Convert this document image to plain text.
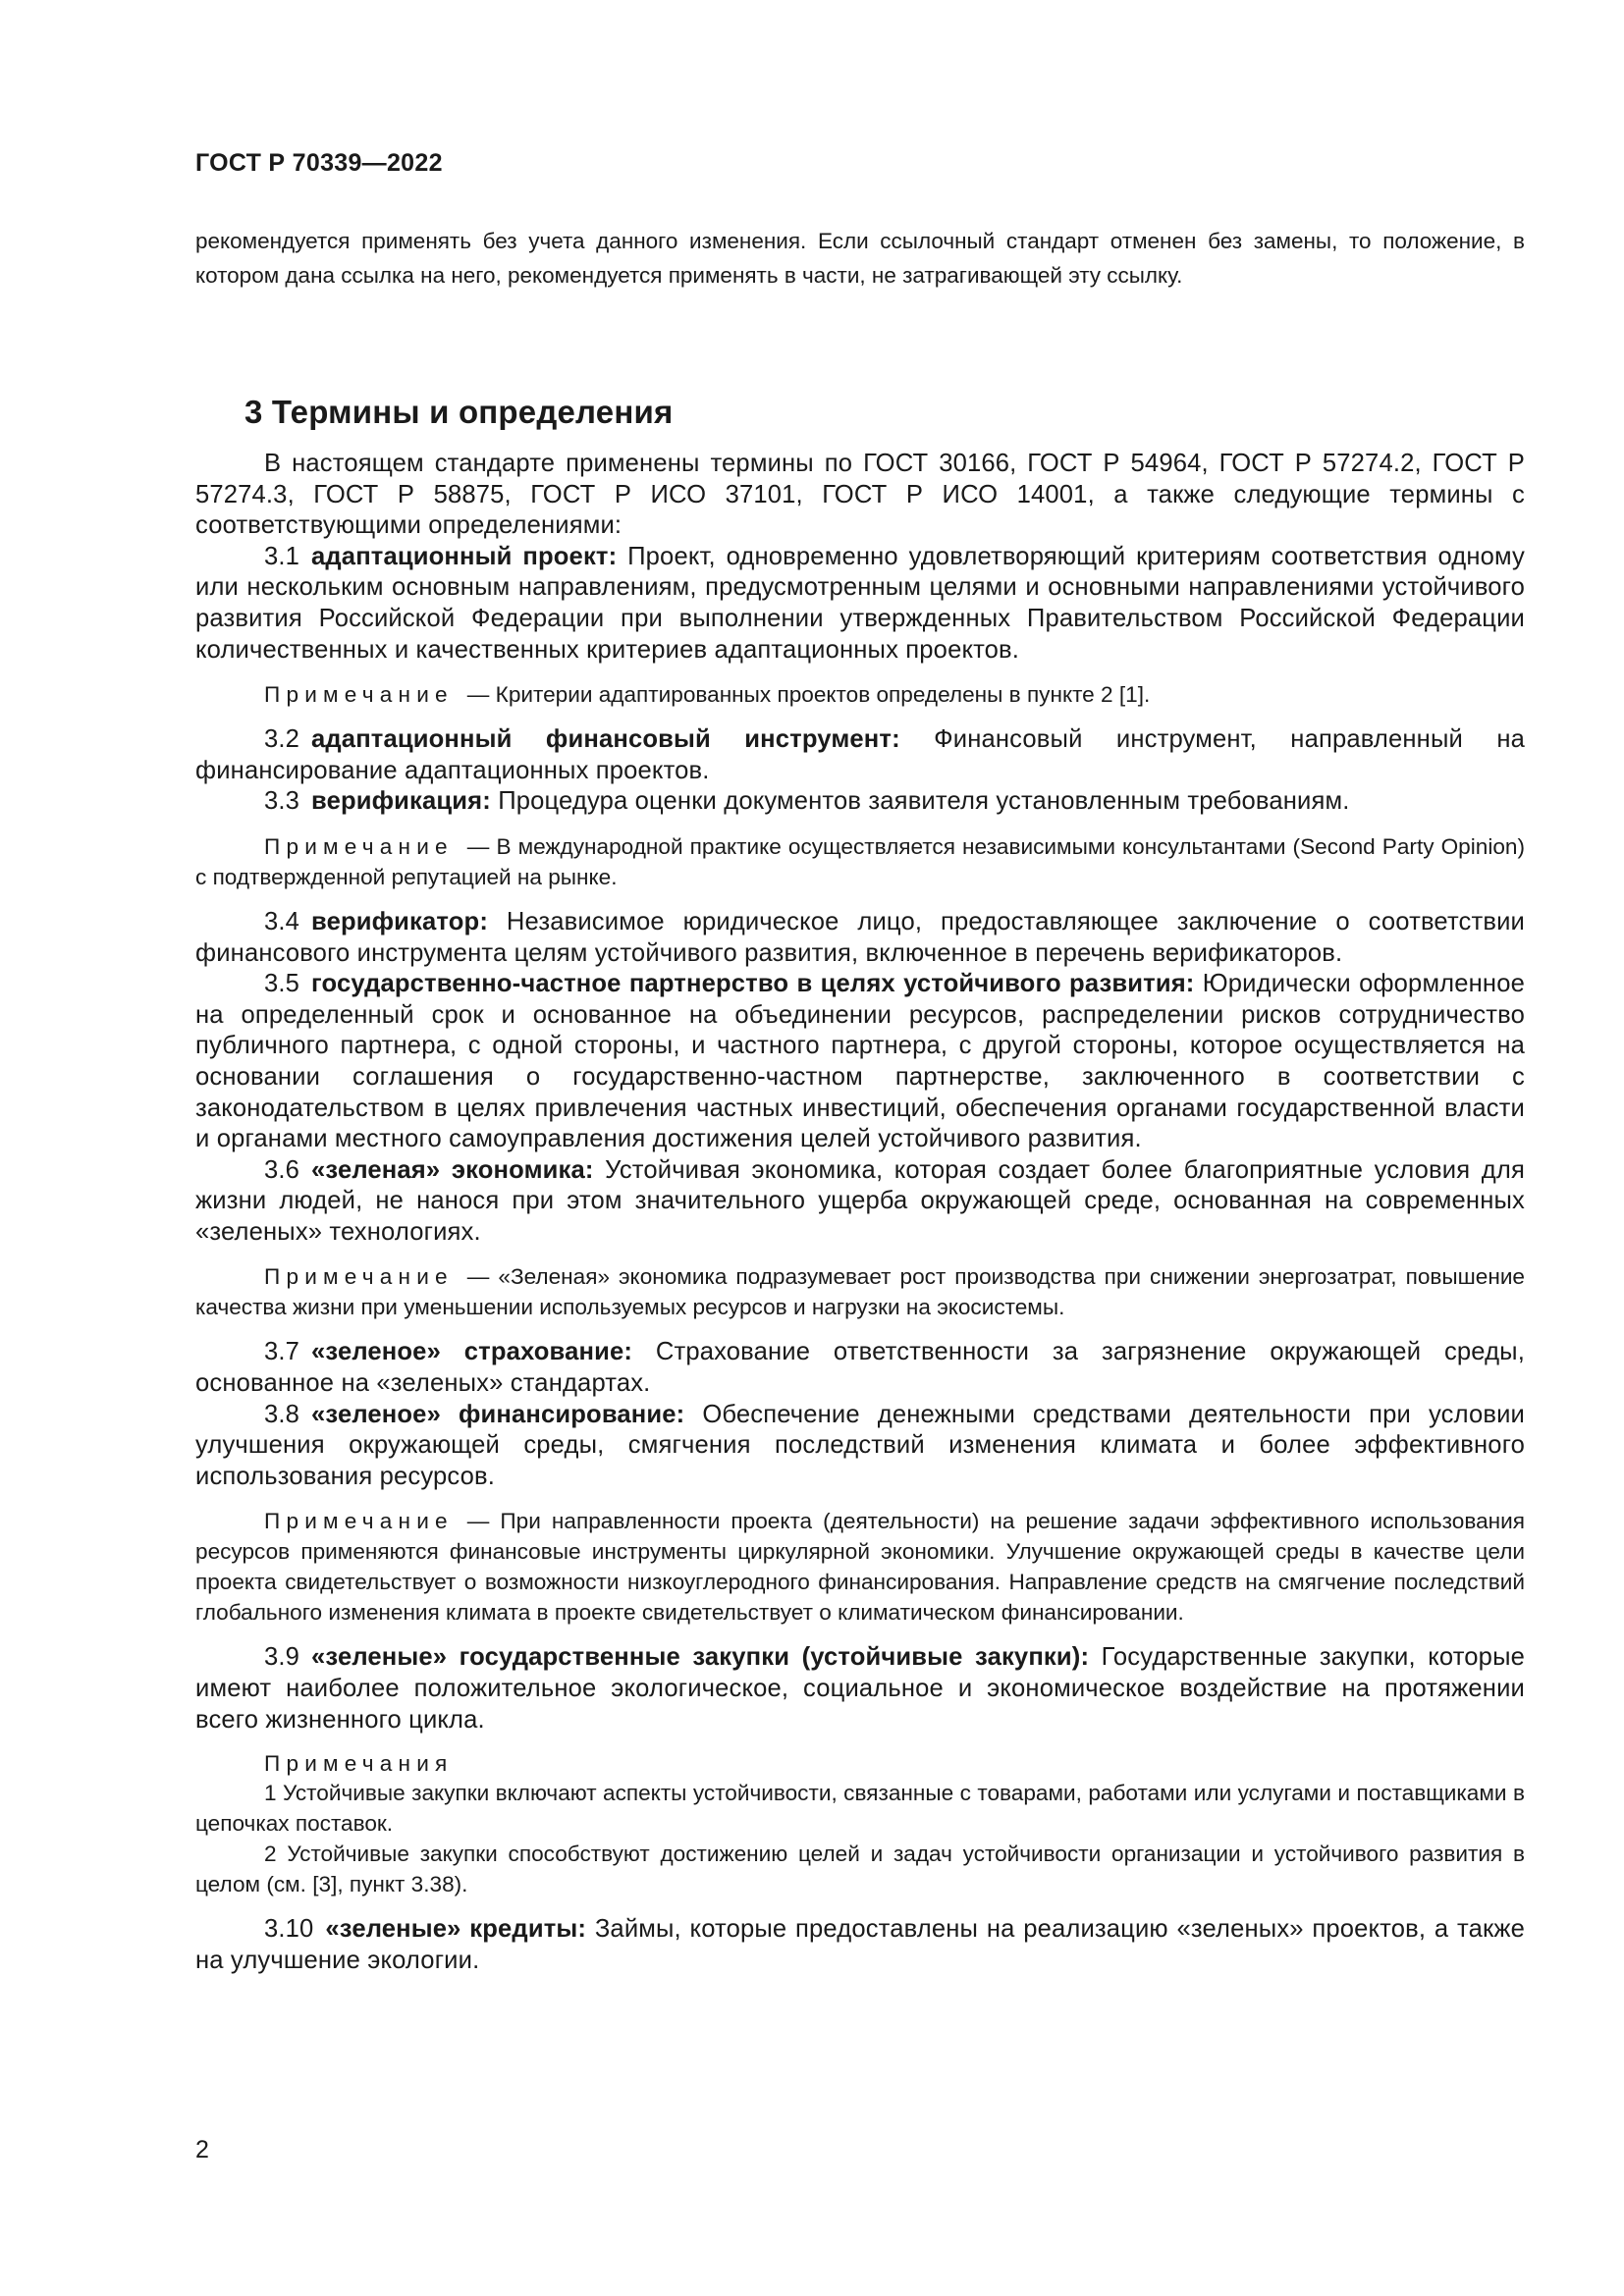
ГОСТ Р 70339—2022

рекомендуется применять без учета данного изменения. Если ссылочный стандарт отменен без замены, то положение, в котором дана ссылка на него, рекомендуется применять в части, не затрагивающей эту ссылку.

3 Термины и определения

В настоящем стандарте применены термины по ГОСТ 30166, ГОСТ Р 54964, ГОСТ Р 57274.2, ГОСТ Р 57274.3, ГОСТ Р 58875, ГОСТ Р ИСО 37101, ГОСТ Р ИСО 14001, а также следующие термины с соответствующими определениями:

3.1 адаптационный проект: Проект, одновременно удовлетворяющий критериям соответствия одному или нескольким основным направлениям, предусмотренным целями и основными направлениями устойчивого развития Российской Федерации при выполнении утвержденных Правительством Российской Федерации количественных и качественных критериев адаптационных проектов.

Примечание — Критерии адаптированных проектов определены в пункте 2 [1].

3.2 адаптационный финансовый инструмент: Финансовый инструмент, направленный на финансирование адаптационных проектов.

3.3 верификация: Процедура оценки документов заявителя установленным требованиям.

Примечание — В международной практике осуществляется независимыми консультантами (Second Party Opinion) с подтвержденной репутацией на рынке.

3.4 верификатор: Независимое юридическое лицо, предоставляющее заключение о соответствии финансового инструмента целям устойчивого развития, включенное в перечень верификаторов.

3.5 государственно-частное партнерство в целях устойчивого развития: Юридически оформленное на определенный срок и основанное на объединении ресурсов, распределении рисков сотрудничество публичного партнера, с одной стороны, и частного партнера, с другой стороны, которое осуществляется на основании соглашения о государственно-частном партнерстве, заключенного в соответствии с законодательством в целях привлечения частных инвестиций, обеспечения органами государственной власти и органами местного самоуправления достижения целей устойчивого развития.

3.6 «зеленая» экономика: Устойчивая экономика, которая создает более благоприятные условия для жизни людей, не нанося при этом значительного ущерба окружающей среде, основанная на современных «зеленых» технологиях.

Примечание — «Зеленая» экономика подразумевает рост производства при снижении энергозатрат, повышение качества жизни при уменьшении используемых ресурсов и нагрузки на экосистемы.

3.7 «зеленое» страхование: Страхование ответственности за загрязнение окружающей среды, основанное на «зеленых» стандартах.

3.8 «зеленое» финансирование: Обеспечение денежными средствами деятельности при условии улучшения окружающей среды, смягчения последствий изменения климата и более эффективного использования ресурсов.

Примечание — При направленности проекта (деятельности) на решение задачи эффективного использования ресурсов применяются финансовые инструменты циркулярной экономики. Улучшение окружающей среды в качестве цели проекта свидетельствует о возможности низкоуглеродного финансирования. Направление средств на смягчение последствий глобального изменения климата в проекте свидетельствует о климатическом финансировании.

3.9 «зеленые» государственные закупки (устойчивые закупки): Государственные закупки, которые имеют наиболее положительное экологическое, социальное и экономическое воздействие на протяжении всего жизненного цикла.

Примечания

1 Устойчивые закупки включают аспекты устойчивости, связанные с товарами, работами или услугами и поставщиками в цепочках поставок.

2 Устойчивые закупки способствуют достижению целей и задач устойчивости организации и устойчивого развития в целом (см. [3], пункт 3.38).

3.10 «зеленые» кредиты: Займы, которые предоставлены на реализацию «зеленых» проектов, а также на улучшение экологии.

2
